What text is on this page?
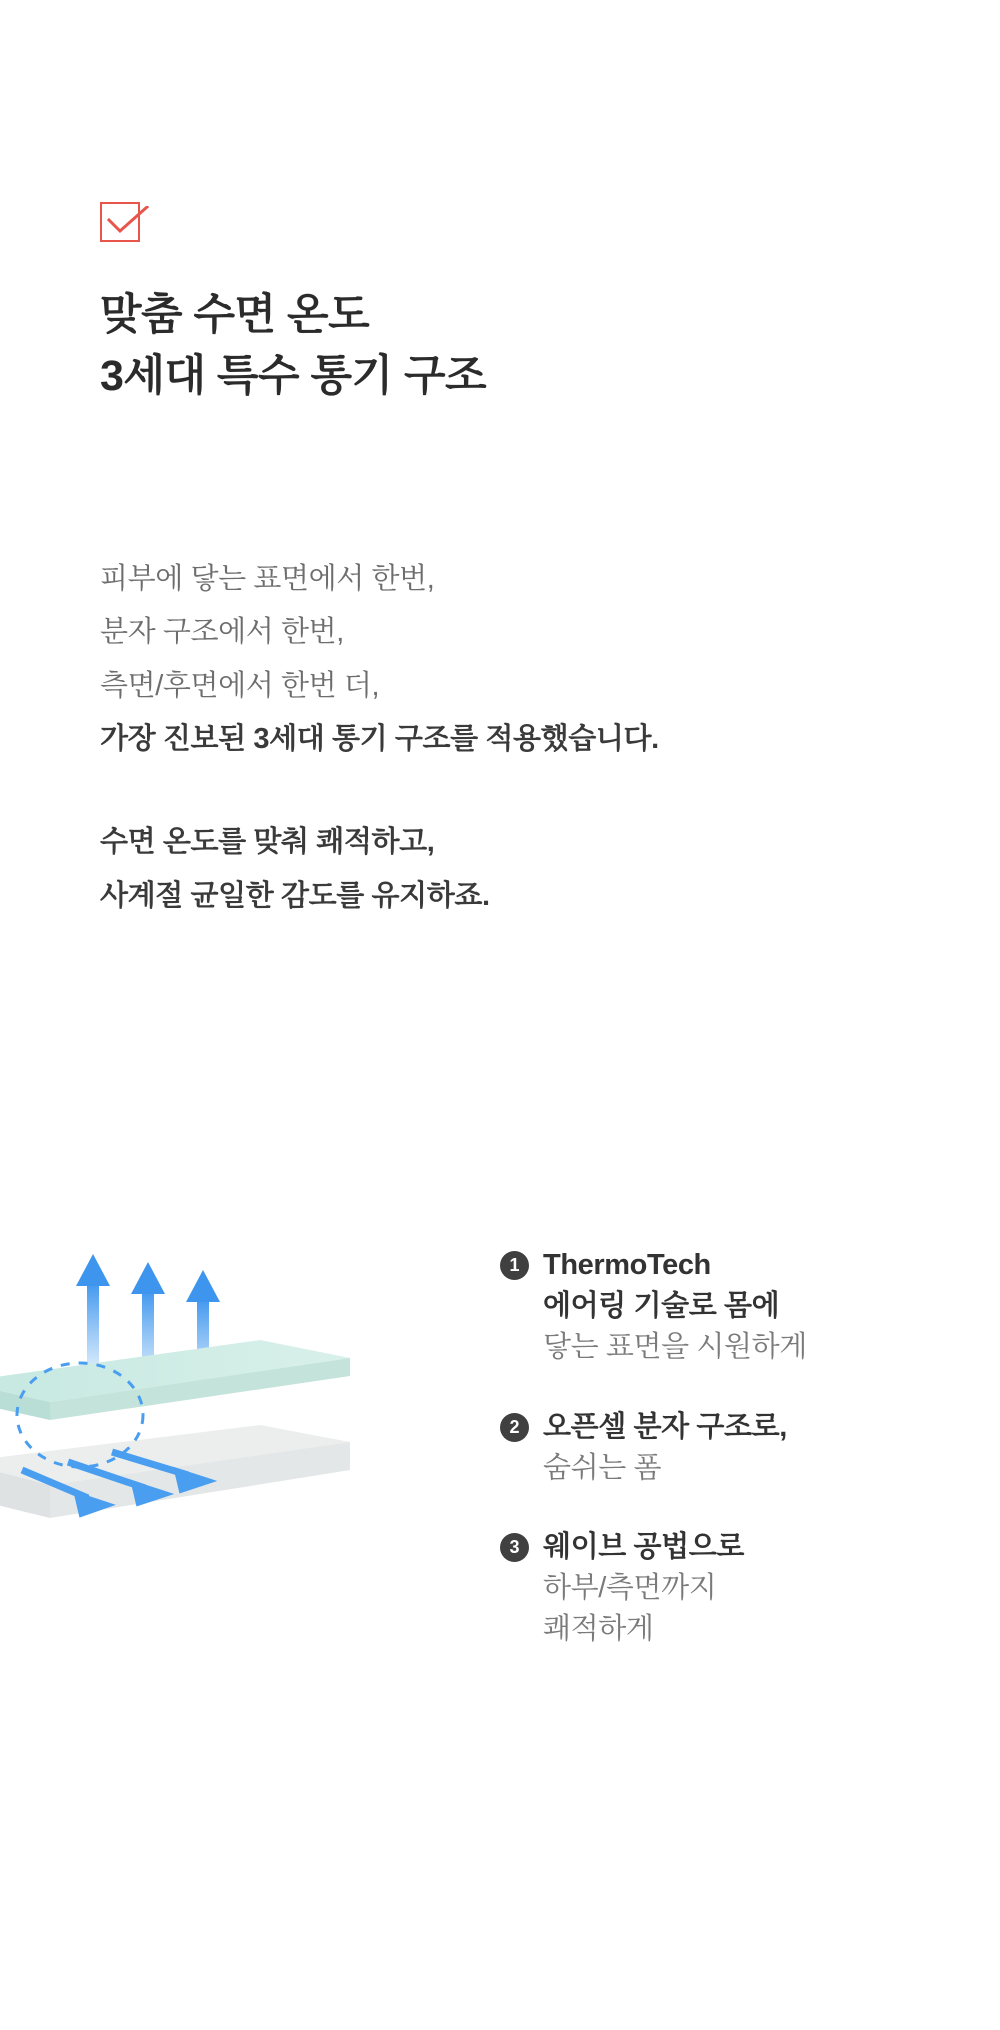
맞춤 수면 온도
3세대 특수 통기 구조
피부에 닿는 표면에서 한번,
분자 구조에서 한번,
측면/후면에서 한번 더,
가장 진보된 3세대 통기 구조를 적용했습니다.
수면 온도를 맞춰 쾌적하고,
사계절 균일한 감도를 유지하죠.
1 ThermoTech
에어링 기술로 몸에
닿는 표면을 시원하게
2 오픈셀 분자 구조로,
숨쉬는 폼
3 웨이브 공법으로
하부/측면까지
쾌적하게
